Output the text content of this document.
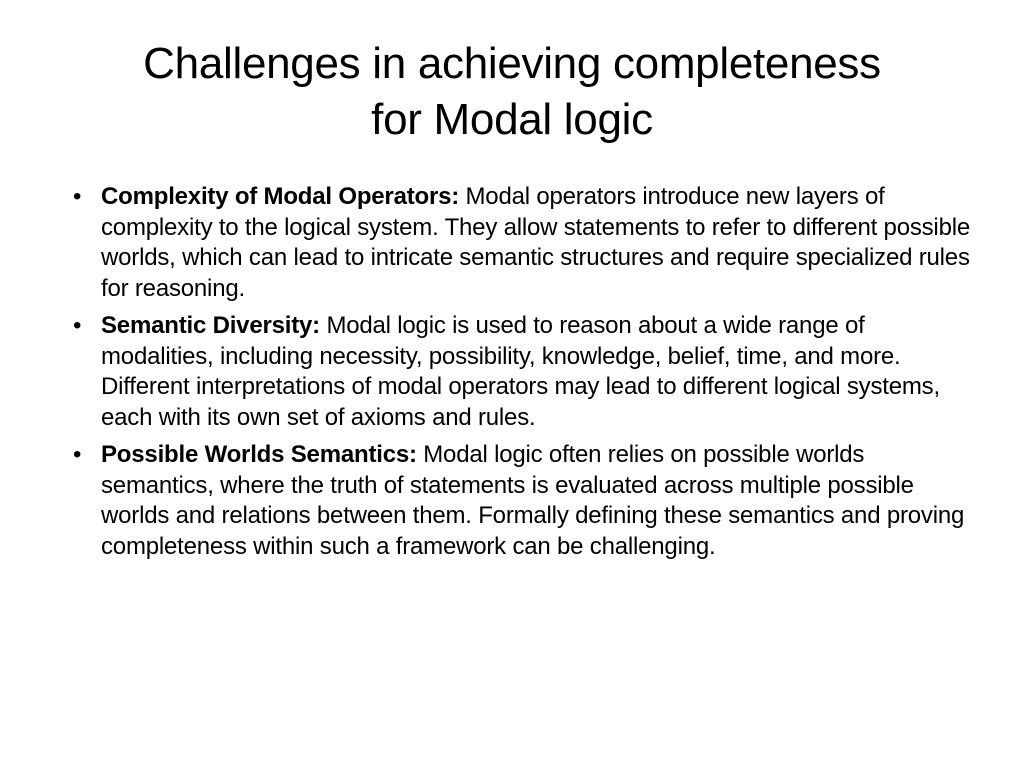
Challenges in achieving completeness
for Modal logic
• Complexity of Modal Operators: Modal operators introduce new layers of complexity to the logical system. They allow statements to refer to different possible worlds, which can lead to intricate semantic structures and require specialized rules for reasoning.
• Semantic Diversity: Modal logic is used to reason about a wide range of modalities, including necessity, possibility, knowledge, belief, time, and more. Different interpretations of modal operators may lead to different logical systems, each with its own set of axioms and rules.
• Possible Worlds Semantics: Modal logic often relies on possible worlds semantics, where the truth of statements is evaluated across multiple possible worlds and relations between them. Formally defining these semantics and proving completeness within such a framework can be challenging.
